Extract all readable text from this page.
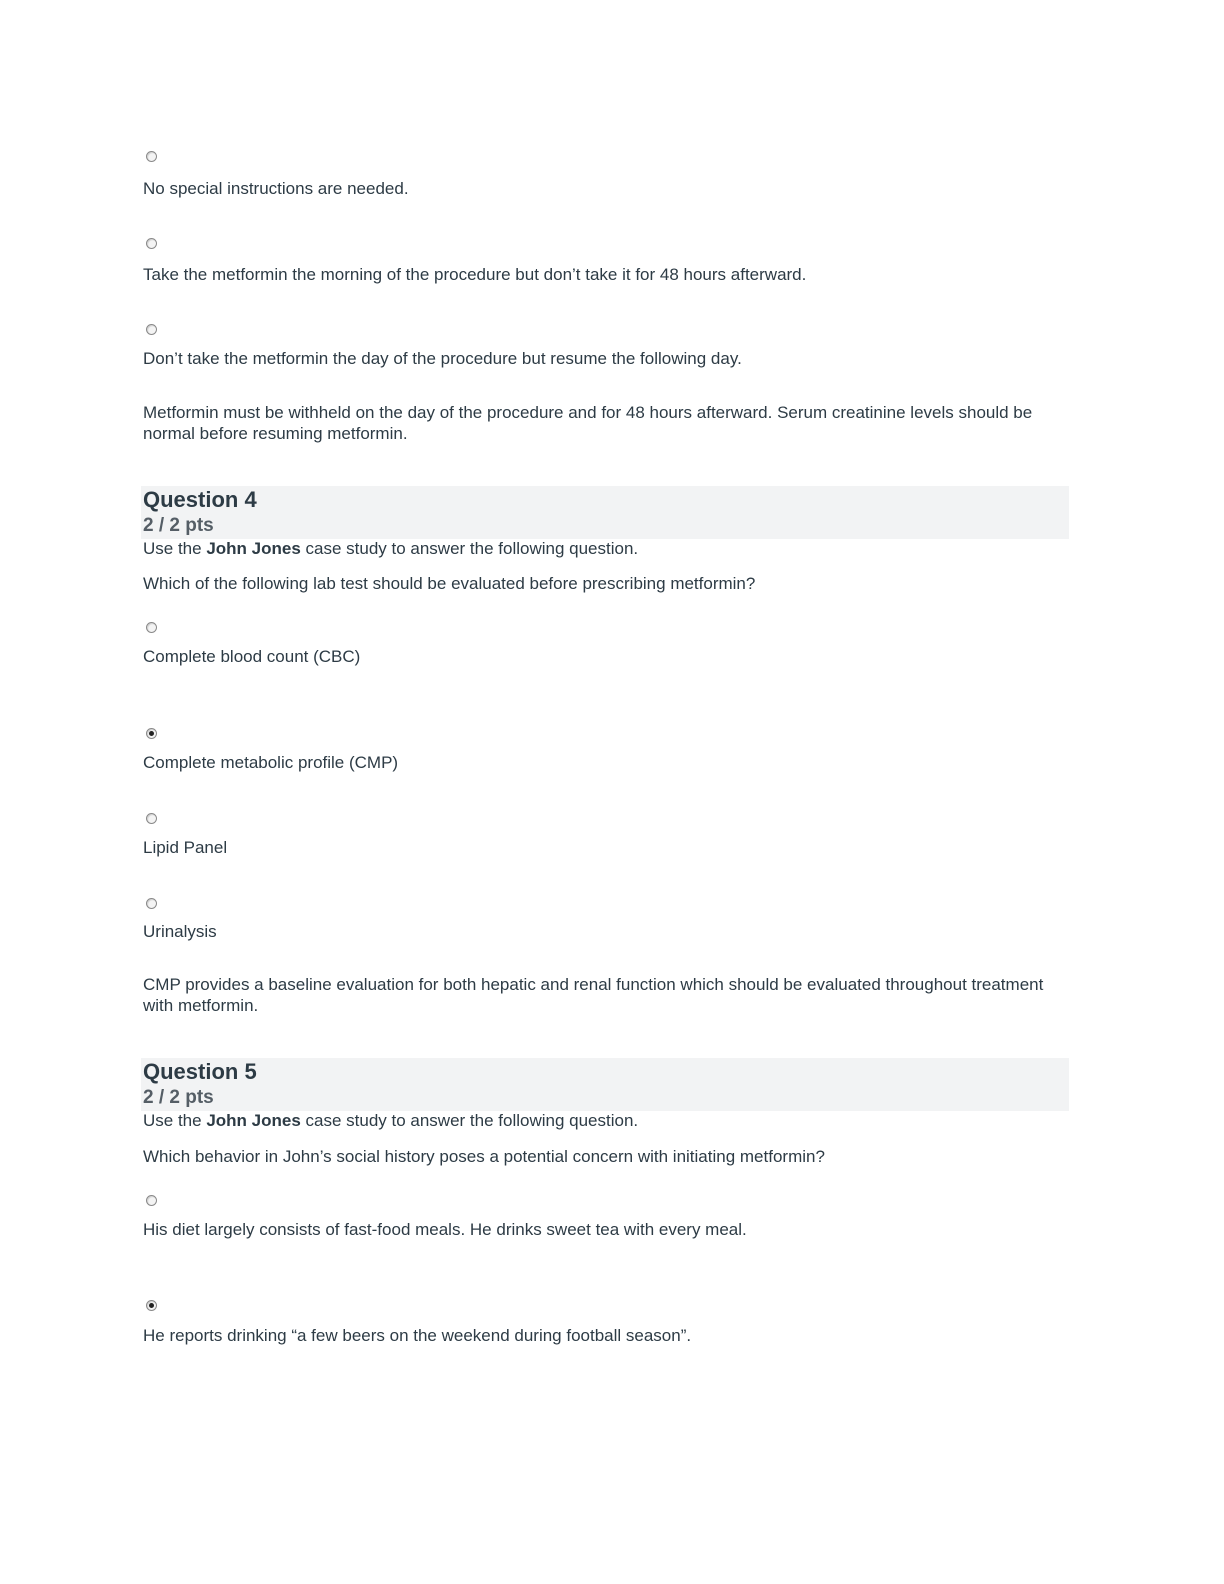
No special instructions are needed.
Take the metformin the morning of the procedure but don’t take it for 48 hours afterward.
Don’t take the metformin the day of the procedure but resume the following day.
Metformin must be withheld on the day of the procedure and for 48 hours afterward. Serum creatinine levels should be normal before resuming metformin.
Question 4
2 / 2 pts
Use the John Jones case study to answer the following question.
Which of the following lab test should be evaluated before prescribing metformin?
Complete blood count (CBC)
Complete metabolic profile (CMP)
Lipid Panel
Urinalysis
CMP provides a baseline evaluation for both hepatic and renal function which should be evaluated throughout treatment with metformin.
Question 5
2 / 2 pts
Use the John Jones case study to answer the following question.
Which behavior in John’s social history poses a potential concern with initiating metformin?
His diet largely consists of fast-food meals. He drinks sweet tea with every meal.
He reports drinking “a few beers on the weekend during football season”.
